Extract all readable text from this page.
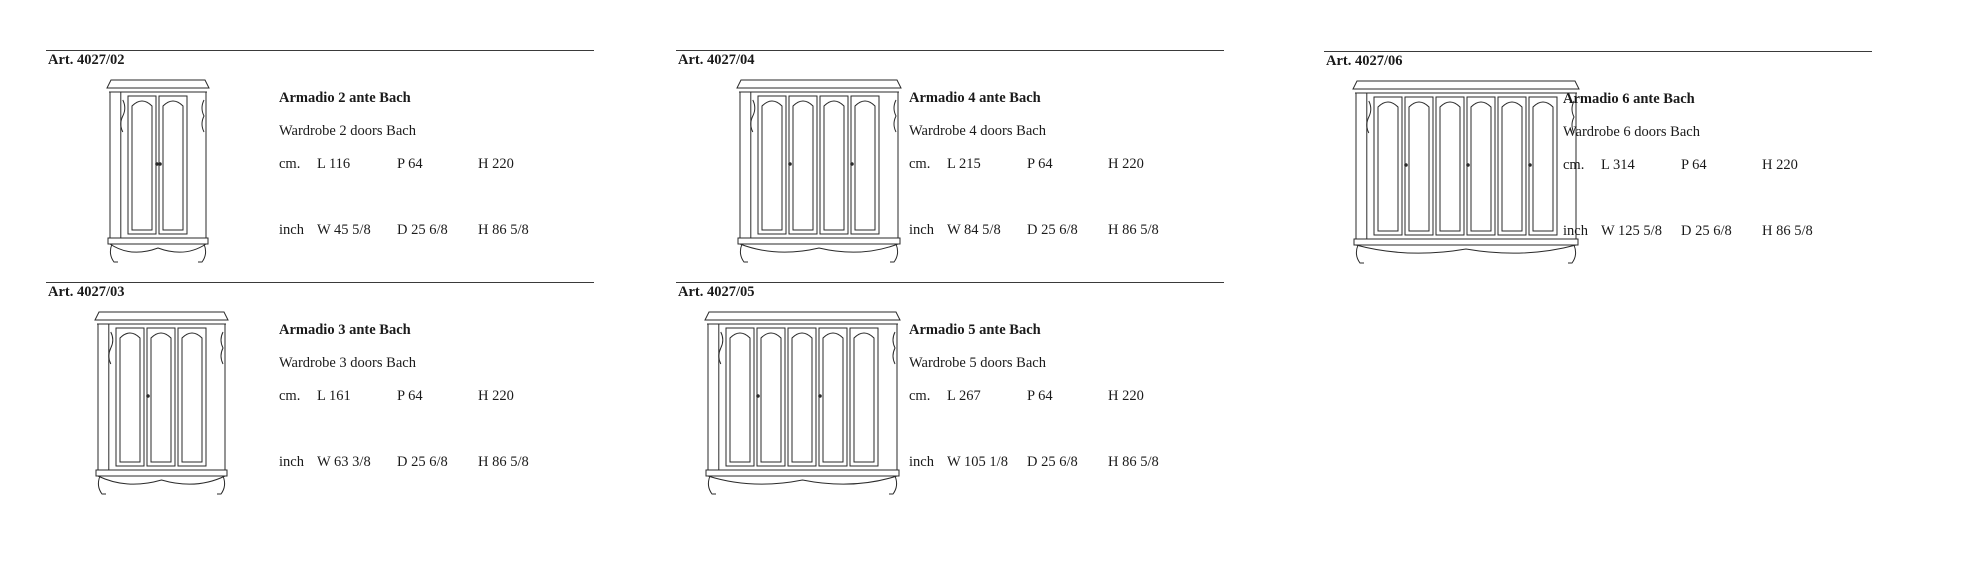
Art. 4027/02
Armadio 2 ante Bach
Wardrobe 2 doors Bach
cm. L 116	P 64	H 220
inch W 45 5/8 D 25 6/8 H 86 5/8
Art. 4027/04
Armadio 4 ante Bach
Wardrobe 4 doors Bach
cm. L 215	P 64	H 220
inch W 84 5/8 D 25 6/8 H 86 5/8
Art. 4027/06
Armadio 6 ante Bach
Wardrobe 6 doors Bach
cm. L 314	P 64	H 220
inch W 125 5/8 D 25 6/8 H 86 5/8
Art. 4027/03
Armadio 3 ante Bach
Wardrobe 3 doors Bach
cm. L 161	P 64	H 220
inch W 63 3/8 D 25 6/8 H 86 5/8
Art. 4027/05
Armadio 5 ante Bach
Wardrobe 5 doors Bach
cm. L 267	P 64	H 220
inch W 105 1/8 D 25 6/8 H 86 5/8
